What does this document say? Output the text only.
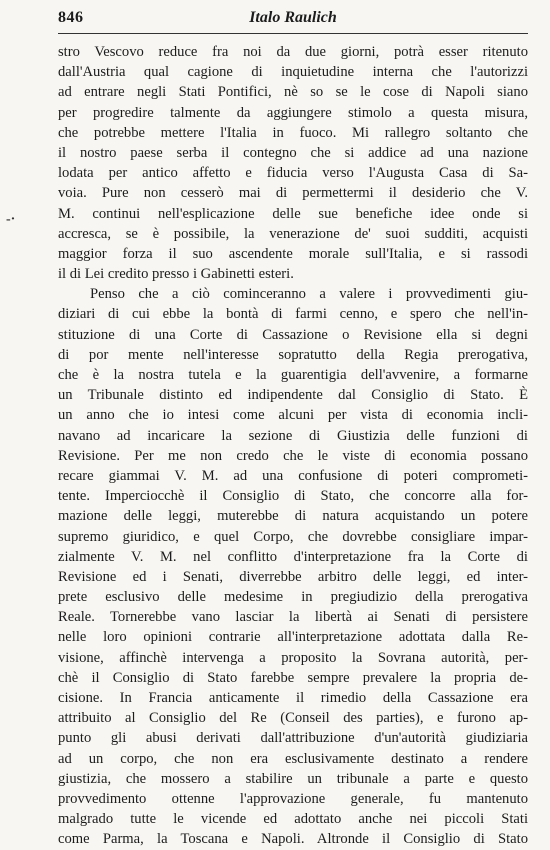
846	Italo Raulich
-·
stro Vescovo reduce fra noi da due giorni, potrà esser ritenuto
dall'Austria qual cagione di inquietudine interna che l'autorizzi
ad entrare negli Stati Pontifici, nè so se le cose di Napoli siano
per progredire talmente da aggiungere stimolo a questa misura,
che potrebbe mettere l'Italia in fuoco. Mi rallegro soltanto che
il nostro paese serba il contegno che si addice ad una nazione
lodata per antico affetto e fiducia verso l'Augusta Casa di Sa-
voia. Pure non cesserò mai di permettermi il desiderio che V.
M. continui nell'esplicazione delle sue benefiche idee onde si
accresca, se è possibile, la venerazione de' suoi sudditi, acquisti
maggior forza il suo ascendente morale sull'Italia, e si rassodi
il di Lei credito presso i Gabinetti esteri.
Penso che a ciò cominceranno a valere i provvedimenti giu-
diziari di cui ebbe la bontà di farmi cenno, e spero che nell'in-
stituzione di una Corte di Cassazione o Revisione ella si degni
di por mente nell'interesse sopratutto della Regia prerogativa,
che è la nostra tutela e la guarentigia dell'avvenire, a formarne
un Tribunale distinto ed indipendente dal Consiglio di Stato. È
un anno che io intesi come alcuni per vista di economia incli-
navano ad incaricare la sezione di Giustizia delle funzioni di
Revisione. Per me non credo che le viste di economia possano
recare giammai V. M. ad una confusione di poteri comprometi-
tente. Imperciocchè il Consiglio di Stato, che concorre alla for-
mazione delle leggi, muterebbe di natura acquistando un potere
supremo giuridico, e quel Corpo, che dovrebbe consigliare impar-
zialmente V. M. nel conflitto d'interpretazione fra la Corte di
Revisione ed i Senati, diverrebbe arbitro delle leggi, ed inter-
prete esclusivo delle medesime in pregiudizio della prerogativa
Reale. Tornerebbe vano lasciar la libertà ai Senati di persistere
nelle loro opinioni contrarie all'interpretazione adottata dalla Re-
visione, affinchè intervenga a proposito la Sovrana autorità, per-
chè il Consiglio di Stato farebbe sempre prevalere la propria de-
cisione. In Francia anticamente il rimedio della Cassazione era
attribuito al Consiglio del Re (Conseil des parties), e furono ap-
punto gli abusi derivati dall'attribuzione d'un'autorità giudiziaria
ad un corpo, che non era esclusivamente destinato a rendere
giustizia, che mossero a stabilire un tribunale a parte e questo
provvedimento ottenne l'approvazione generale, fu mantenuto
malgrado tutte le vicende ed adottato anche nei piccoli Stati
come Parma, la Toscana e Napoli. Altronde il Consiglio di Stato
